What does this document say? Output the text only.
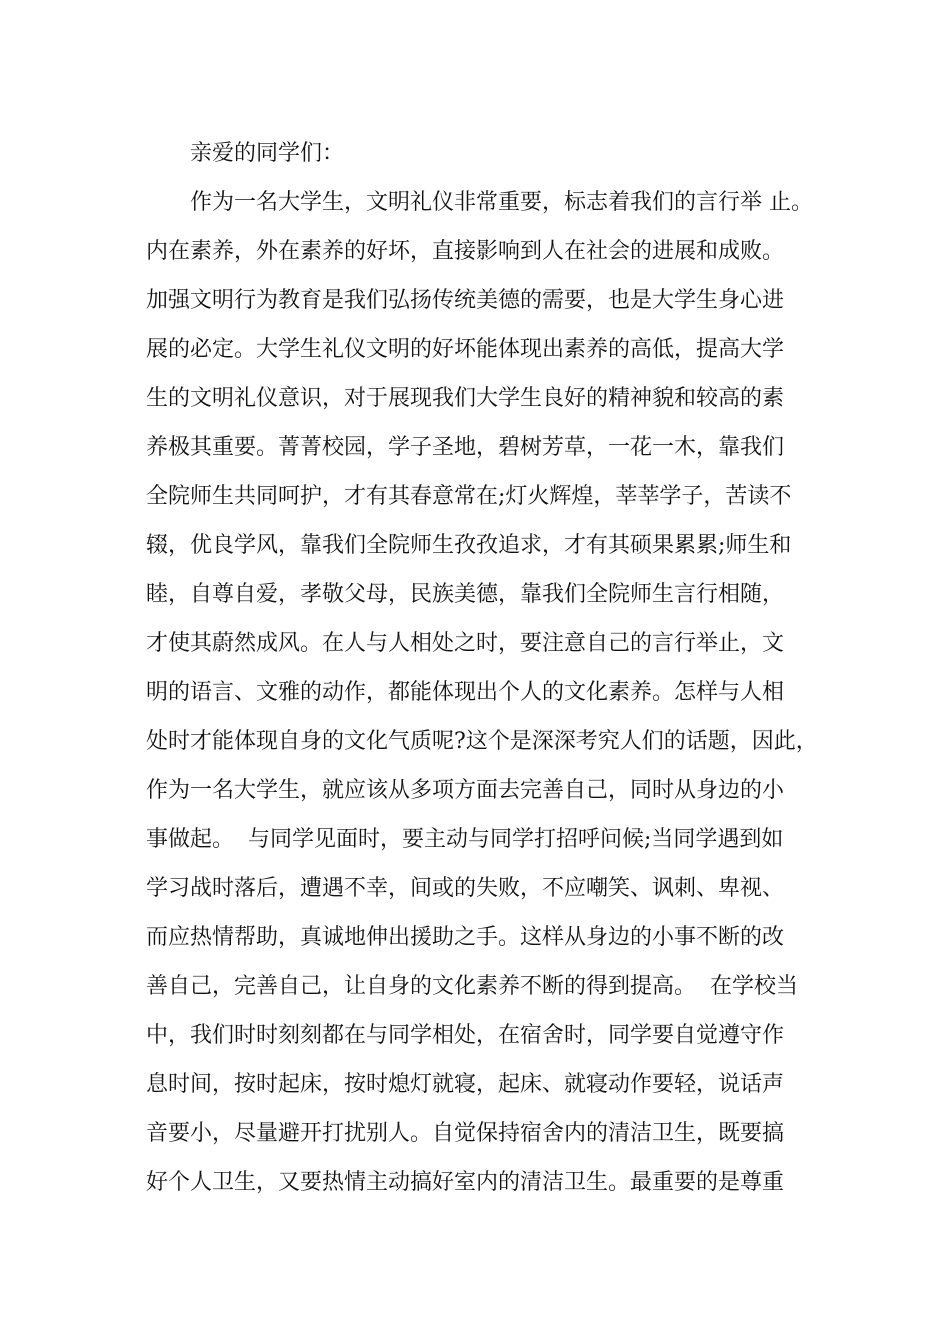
亲爱的同学们：
作为一名大学生，文明礼仪非常重要，标志着我们的言行举 止。
内在素养，外在素养的好坏，直接影响到人在社会的进展和成败。
加强文明行为教育是我们弘扬传统美德的需要，也是大学生身心进
展的必定。大学生礼仪文明的好坏能体现出素养的高低，提高大学
生的文明礼仪意识，对于展现我们大学生良好的精神貌和较高的素
养极其重要。菁菁校园，学子圣地，碧树芳草，一花一木，靠我们
全院师生共同呵护，才有其春意常在;灯火辉煌，莘莘学子，苦读不
辍，优良学风，靠我们全院师生孜孜追求，才有其硕果累累;师生和
睦，自尊自爱，孝敬父母，民族美德，靠我们全院师生言行相随，
才使其蔚然成风。在人与人相处之时，要注意自己的言行举止，文
明的语言、文雅的动作，都能体现出个人的文化素养。怎样与人相
处时才能体现自身的文化气质呢?这个是深深考究人们的话题，因此，
作为一名大学生，就应该从多项方面去完善自己，同时从身边的小
事做起。  与同学见面时，要主动与同学打招呼问候;当同学遇到如
学习战时落后，遭遇不幸，间或的失败，不应嘲笑、讽刺、卑视、
而应热情帮助，真诚地伸出援助之手。这样从身边的小事不断的改
善自己，完善自己，让自身的文化素养不断的得到提高。  在学校当
中，我们时时刻刻都在与同学相处，在宿舍时，同学要自觉遵守作
息时间，按时起床，按时熄灯就寝，起床、就寝动作要轻，说话声
音要小，尽量避开打扰别人。自觉保持宿舍内的清洁卫生，既要搞
好个人卫生，又要热情主动搞好室内的清洁卫生。最重要的是尊重
